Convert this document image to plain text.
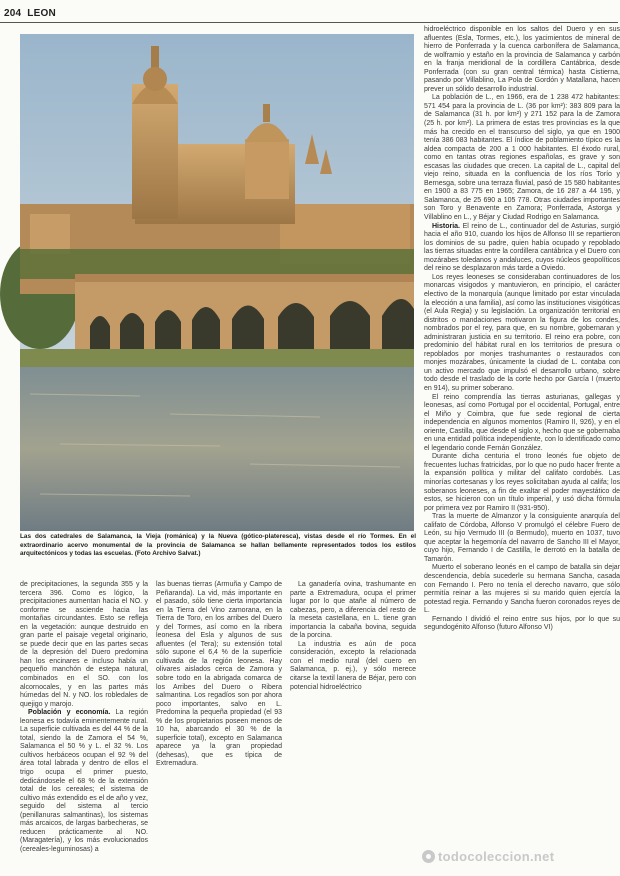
204 LEON
Las dos catedrales de Salamanca, la Vieja (románica) y la Nueva (gótico-plateresca), vistas desde el río Tormes. En el extraordinario acervo monumental de la provincia de Salamanca se hallan bellamente representados todos los estilos arquitectónicos y todas las escuelas. (Foto Archivo Salvat.)

de precipitaciones, la segunda 355 y la tercera 396. Como es lógico, la precipitaciones aumentan hacia el NO. y conforme se asciende hacia las montañas circundantes. Esto se refleja en la vegetación: aunque destruido en gran parte el paisaje vegetal originario, se puede decir que en las partes secas de la depresión del Duero predomina han los encinares e incluso había un pequeño manchón de estepa natural, combinados en el SO. con los alcornocales, y en las partes más húmedas del N. y NO. los robledales de quejigo y marojo.

Población y economía. La región leonesa es todavía eminentemente rural. La superficie cultivada es del 44 % de la total, siendo la de Zamora el 54 %, Salamanca el 50 % y L. el 32 %. Los cultivos herbáceos ocupan el 92 % del área total labrada y dentro de ellos el trigo ocupa el primer puesto, dedicándosele el 68 % de la extensión total de los cereales; el sistema de cultivo más extendido es el de año y vez, seguido del sistema al tercio (penillanuras salmantinas), los sistemas más arcaicos, de largas barbecheras, se reducen prácticamente al NO. (Maragatería), y los más evolucionados (cereales-leguminosas) a

las buenas tierras (Armuña y Campo de Peñaranda). La vid, más importante en el pasado, sólo tiene cierta importancia en la Tierra del Vino zamorana, en la Tierra de Toro, en los arribes del Duero y del Tormes, así como en la ribera leonesa del Esla y algunos de sus afluentes (el Tera); su extensión total sólo supone el 6,4 % de la superficie cultivada de la región leonesa. Hay olivares aislados cerca de Zamora y sobre todo en la abrigada comarca de los Arribes del Duero o Ribera salmantina. Los regadíos son por ahora poco importantes, salvo en L. Predomina la pequeña propiedad (el 93 % de los propietarios poseen menos de 10 ha, abarcando el 30 % de la superficie total), excepto en Salamanca aparece ya la gran propiedad (dehesas), que es típica de Extremadura.

La ganadería ovina, trashumante en parte a Extremadura, ocupa el primer lugar por lo que atañe al número de cabezas, pero, a diferencia del resto de la meseta castellana, en L. tiene gran importancia la cabaña bovina, seguida de la porcina.

La industria es aún de poca consideración, excepto la relacionada con el medio rural (del cuero en Salamanca, p. ej.), y sólo merece citarse la textil lanera de Béjar, pero con potencial hidroeléctrico

hidroeléctrico disponible en los saltos del Duero y en sus afluentes (Esla, Tormes, etc.), los yacimientos de mineral de hierro de Ponferrada y la cuenca carbonífera de Salamanca, de wolframio y estaño en la provincia de Salamanca y carbón en la franja meridional de la cordillera Cantábrica, desde Ponferrada (con su gran central térmica) hasta Cistierna, pasando por Villablino, La Pola de Gordón y Matallana, hacen prever un sólido desarrollo industrial.

La población de L., en 1966, era de 1 238 472 habitantes: 571 454 para la provincia de L. (36 por km²): 383 809 para la de Salamanca (31 h. por km²) y 271 152 para la de Zamora (25 h. por km²). La primera de estas tres provincias es la que más ha crecido en el transcurso del siglo, ya que en 1900 tenía 386 083 habitantes. El índice de poblamiento típico es la aldea compacta de 200 a 1 000 habitantes. El éxodo rural, como en tantas otras regiones españolas, es grave y son escasas las ciudades que crecen. La capital de L., capital del viejo reino, situada en la confluencia de los ríos Torío y Bernesga, sobre una terraza fluvial, pasó de 15 580 habitantes en 1900 a 83 775 en 1965; Zamora, de 16 287 a 44 195, y Salamanca, de 25 690 a 105 778. Otras ciudades importantes son Toro y Benavente en Zamora; Ponferrada, Astorga y Villablino en L., y Béjar y Ciudad Rodrigo en Salamanca.

Historia. El reino de L., continuador del de Asturias, surgió hacia el año 910, cuando los hijos de Alfonso III se repartieron los dominios de su padre, quien había ocupado y repoblado las tierras situadas entre la cordillera cantábrica y el Duero con mozárabes toledanos y andaluces, cuyos núcleos geopolíticos del reino se desplazaron más tarde a Oviedo.

Los reyes leoneses se consideraban continuadores de los monarcas visigodos y mantuvieron, en principio, el carácter electivo de la monarquía (aunque limitado por estar vinculada la elección a una familia), así como las instituciones visigóticas (el Aula Regia) y su legislación. La organización territorial en distritos o mandaciones motivaron la figura de los condes, nombrados por el rey, para que, en su nombre, gobernaran y administraran justicia en su territorio. El reino era pobre, con predominio del hábitat rural en los territorios de presura o repoblados por monjes trashumantes o restaurados con monjes mozárabes, únicamente la ciudad de L. contaba con un activo mercado que impulsó el desarrollo urbano, sobre todo desde el traslado de la corte hecho por García I (muerto en 914), su primer soberano.

El reino comprendía las tierras asturianas, gallegas y leonesas, así como Portugal por el occidental, Portugal, entre el Miño y Coimbra, que fue sede regional de cierta independencia en algunos momentos (Ramiro II, 926), y en el oriente, Castilla, que desde el siglo x, hecho que se gobernaba en una entidad política independiente, con lo identificado como el legendario conde Fernán González.

Durante dicha centuria el trono leonés fue objeto de frecuentes luchas fratricidas, por lo que no pudo hacer frente a la expansión política y militar del califato cordobés. Las minorías cortesanas y los reyes solicitaban ayuda al califa; los soberanos leoneses, a fin de exaltar el poder mayestático de estos, se hicieron con un título imperial, y usó dicha fórmula por primera vez por Ramiro II (931-950).

Tras la muerte de Almanzor y la consiguiente anarquía del califato de Córdoba, Alfonso V promulgó el célebre Fuero de León, su hijo Vermudo III (o Bermudo), muerto en 1037, tuvo que aceptar la hegemonía del navarro de Sancho III el Mayor, cuyo hijo, Fernando I de Castilla, le derrotó en la batalla de Tamarón.

Muerto el soberano leonés en el campo de batalla sin dejar descendencia, debía sucederle su hermana Sancha, casada con Fernando I. Pero no tenía el derecho navarro, que sólo permitía reinar a las mujeres si su marido quien ejercía la potestad regia. Fernando y Sancha fueron coronados reyes de L.

Fernando I dividió el reino entre sus hijos, por lo que su segundogénito Alfonso (futuro Alfonso VI)

todocoleccion.net
